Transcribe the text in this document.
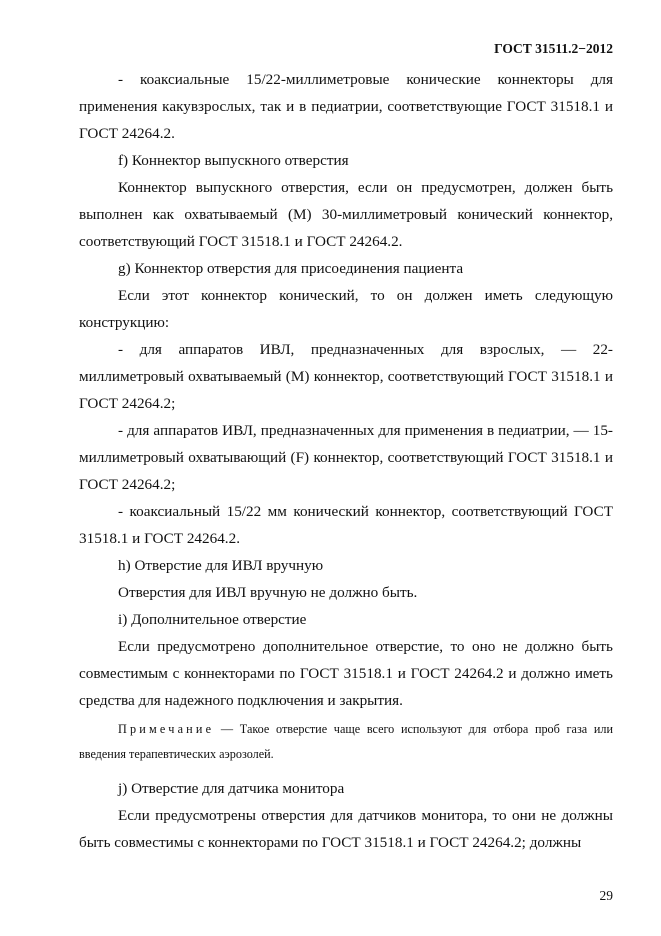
ГОСТ 31511.2−2012

- коаксиальные 15/22-миллиметровые конические коннекторы для применения какувзрослых, так и в педиатрии, соответствующие ГОСТ 31518.1 и ГОСТ 24264.2.

f) Коннектор выпускного отверстия

Коннектор выпускного отверстия, если он предусмотрен, должен быть выполнен как охватываемый (М) 30-миллиметровый конический коннектор, соответствующий ГОСТ 31518.1 и ГОСТ 24264.2.

g) Коннектор отверстия для присоединения пациента

Если этот коннектор конический, то он должен иметь следующую конструкцию:

- для аппаратов ИВЛ, предназначенных для взрослых, — 22-миллиметровый охватываемый (М) коннектор, соответствующий ГОСТ 31518.1 и ГОСТ 24264.2;

- для аппаратов ИВЛ, предназначенных для применения в педиатрии, — 15-миллиметровый охватывающий (F) коннектор, соответствующий ГОСТ 31518.1 и ГОСТ 24264.2;

- коаксиальный 15/22 мм конический коннектор, соответствующий ГОСТ 31518.1 и ГОСТ 24264.2.

h) Отверстие для ИВЛ вручную

Отверстия для ИВЛ вручную не должно быть.

i) Дополнительное отверстие

Если предусмотрено дополнительное отверстие, то оно не должно быть совместимым с коннекторами по ГОСТ 31518.1 и ГОСТ 24264.2 и должно иметь средства для надежного подключения и закрытия.

Примечание — Такое отверстие чаще всего используют для отбора проб газа или введения терапевтических аэрозолей.

j) Отверстие для датчика монитора

Если предусмотрены отверстия для датчиков монитора, то они не должны быть совместимы с коннекторами по ГОСТ 31518.1 и ГОСТ 24264.2; должны

29
